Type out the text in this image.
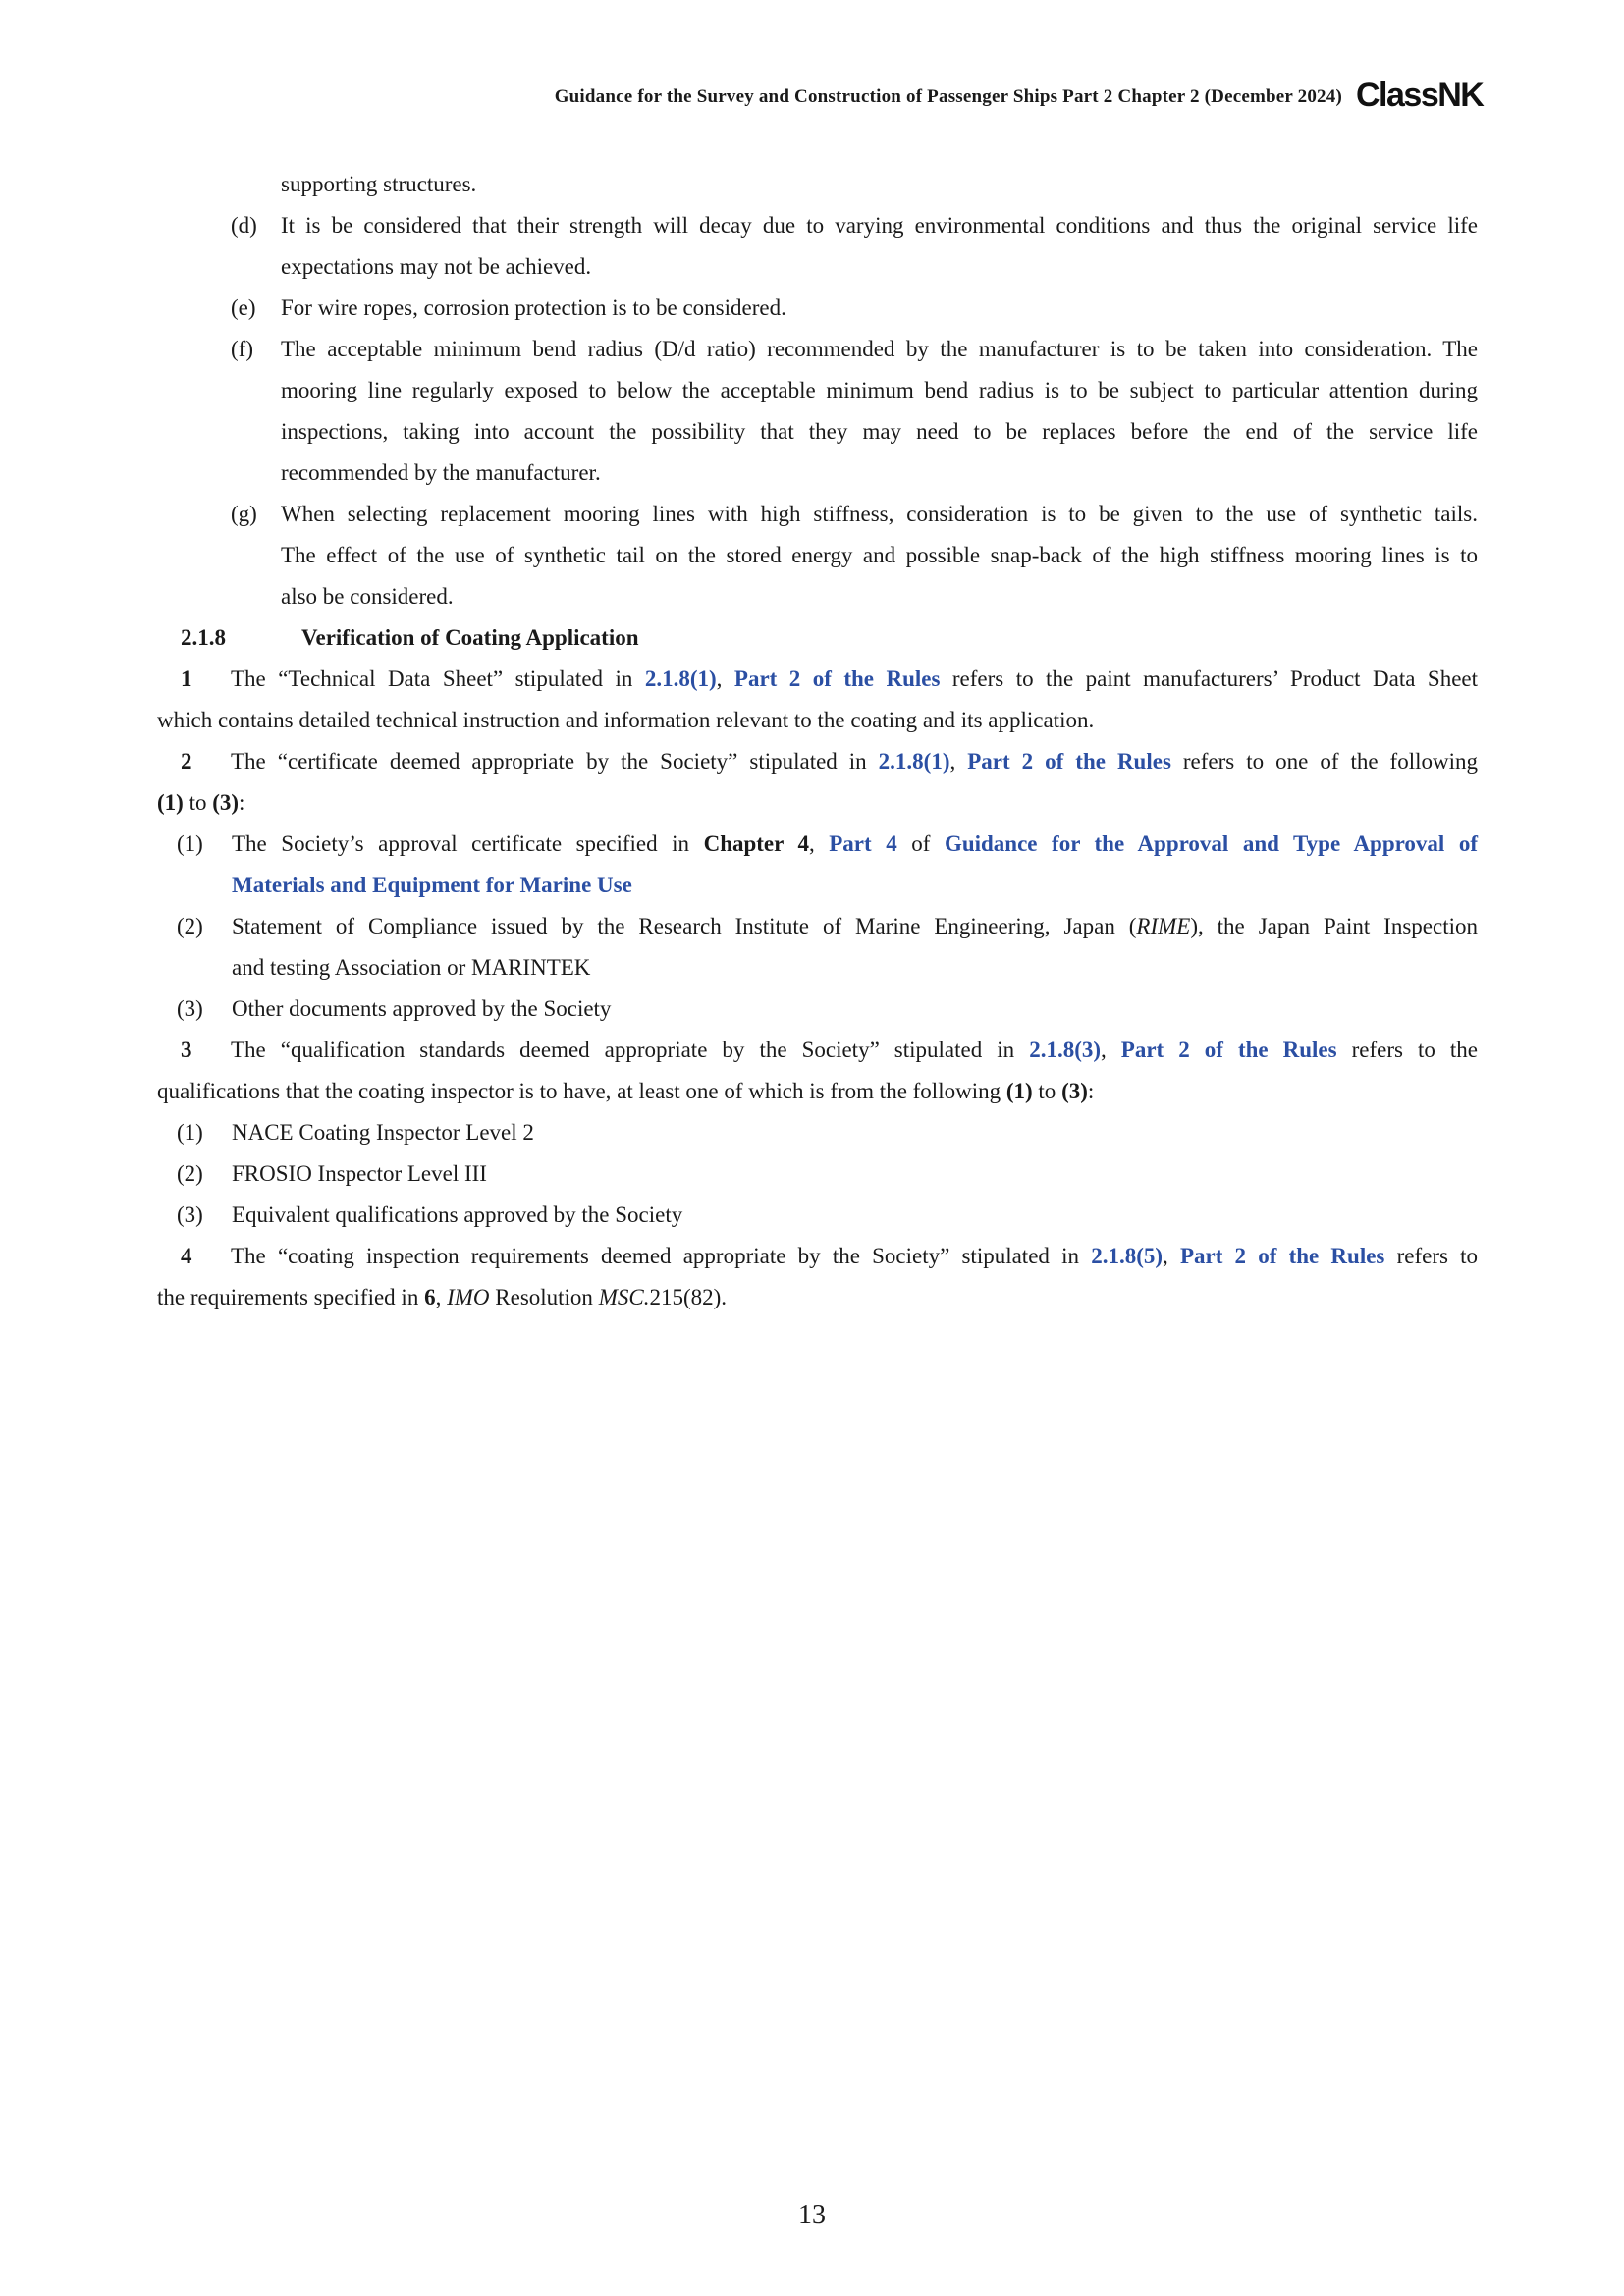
Guidance for the Survey and Construction of Passenger Ships Part 2 Chapter 2 (December 2024) ClassNK
supporting structures.
(d) It is be considered that their strength will decay due to varying environmental conditions and thus the original service life
expectations may not be achieved.
(e) For wire ropes, corrosion protection is to be considered.
(f) The acceptable minimum bend radius (D/d ratio) recommended by the manufacturer is to be taken into consideration. The
mooring line regularly exposed to below the acceptable minimum bend radius is to be subject to particular attention during
inspections, taking into account the possibility that they may need to be replaces before the end of the service life
recommended by the manufacturer.
(g) When selecting replacement mooring lines with high stiffness, consideration is to be given to the use of synthetic tails.
The effect of the use of synthetic tail on the stored energy and possible snap-back of the high stiffness mooring lines is to
also be considered.
2.1.8	Verification of Coating Application
1 The “Technical Data Sheet” stipulated in 2.1.8(1), Part 2 of the Rules refers to the paint manufacturers’ Product Data Sheet
which contains detailed technical instruction and information relevant to the coating and its application.
2 The “certificate deemed appropriate by the Society” stipulated in 2.1.8(1), Part 2 of the Rules refers to one of the following
(1) to (3):
(1) The Society’s approval certificate specified in Chapter 4, Part 4 of Guidance for the Approval and Type Approval of
Materials and Equipment for Marine Use
(2) Statement of Compliance issued by the Research Institute of Marine Engineering, Japan (RIME), the Japan Paint Inspection
and testing Association or MARINTEK
(3) Other documents approved by the Society
3 The “qualification standards deemed appropriate by the Society” stipulated in 2.1.8(3), Part 2 of the Rules refers to the
qualifications that the coating inspector is to have, at least one of which is from the following (1) to (3):
(1) NACE Coating Inspector Level 2
(2) FROSIO Inspector Level III
(3) Equivalent qualifications approved by the Society
4 The “coating inspection requirements deemed appropriate by the Society” stipulated in 2.1.8(5), Part 2 of the Rules refers to
the requirements specified in 6, IMO Resolution MSC.215(82).
13
